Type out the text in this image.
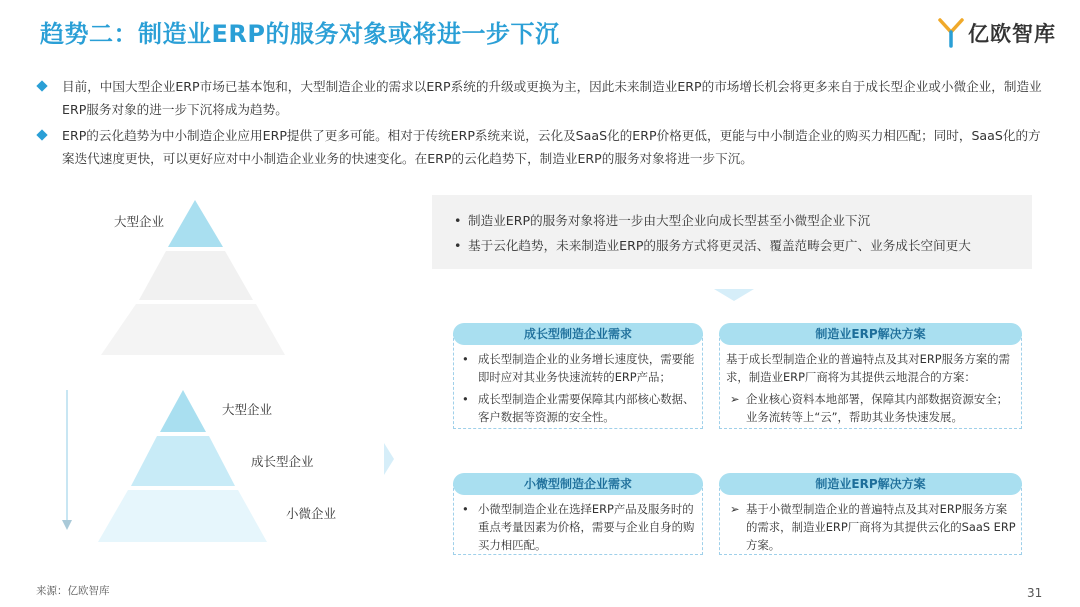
趋势二：制造业ERP的服务对象或将进一步下沉	亿欧智库
目前，中国大型企业ERP市场已基本饱和，大型制造企业的需求以ERP系统的升级或更换为主，因此未来制造业ERP的市场增长机会将更多来自于成长型企业或小微企业，制造业ERP服务对象的进一步下沉将成为趋势。
ERP的云化趋势为中小制造企业应用ERP提供了更多可能。相对于传统ERP系统来说，云化及SaaS化的ERP价格更低，更能与中小制造企业的购买力相匹配；同时，SaaS化的方案迭代速度更快，可以更好应对中小制造企业业务的快速变化。在ERP的云化趋势下，制造业ERP的服务对象将进一步下沉。
大型企业
大型企业
成长型企业
小微企业
• 制造业ERP的服务对象将进一步由大型企业向成长型甚至小微型企业下沉
• 基于云化趋势，未来制造业ERP的服务方式将更灵活、覆盖范畴会更广、业务成长空间更大
成长型制造企业需求
• 成长型制造企业的业务增长速度快，需要能即时应对其业务快速流转的ERP产品；
• 成长型制造企业需要保障其内部核心数据、客户数据等资源的安全性。
制造业ERP解决方案
基于成长型制造企业的普遍特点及其对ERP服务方案的需求，制造业ERP厂商将为其提供云地混合的方案：
➢ 企业核心资料本地部署，保障其内部数据资源安全；业务流转等上“云”，帮助其业务快速发展。
小微型制造企业需求
• 小微型制造企业在选择ERP产品及服务时的重点考量因素为价格，需要与企业自身的购买力相匹配。
制造业ERP解决方案
➢ 基于小微型制造企业的普遍特点及其对ERP服务方案的需求，制造业ERP厂商将为其提供云化的SaaS ERP方案。
来源：亿欧智库	31
